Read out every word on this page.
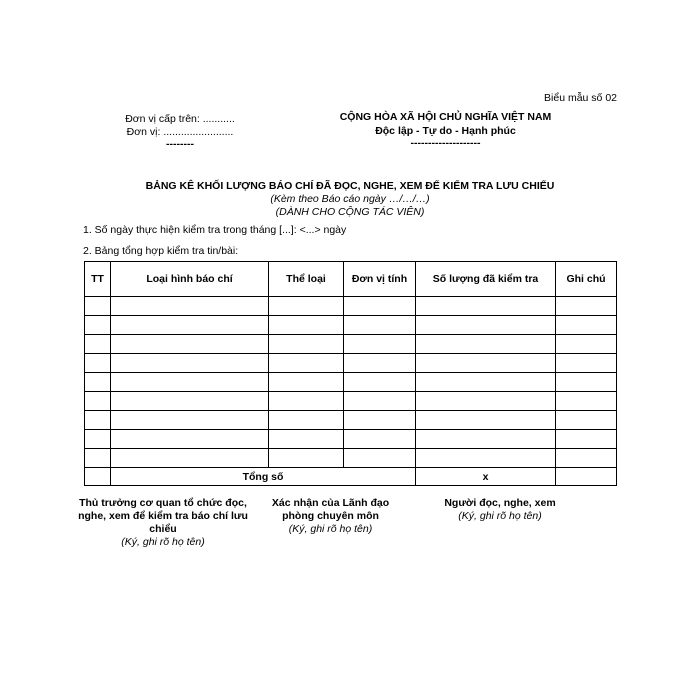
Biểu mẫu số 02
Đơn vị cấp trên: ...........
Đơn vị: ........................
--------
CỘNG HÒA XÃ HỘI CHỦ NGHĨA VIỆT NAM
Độc lập - Tự do - Hạnh phúc
--------------------
BẢNG KÊ KHỐI LƯỢNG BÁO CHÍ ĐÃ ĐỌC, NGHE, XEM ĐỂ KIỂM TRA LƯU CHIỂU
(Kèm theo Báo cáo ngày …/…/…)
(DÀNH CHO CỘNG TÁC VIÊN)
1. Số ngày thực hiện kiểm tra trong tháng [...]: <...> ngày
2. Bảng tổng hợp kiểm tra tin/bài:
TT	Loại hình báo chí	Thể loại	Đơn vị tính	Số lượng đã kiểm tra	Ghi chú

	Tổng số			x	
Thủ trưởng cơ quan tổ chức đọc, nghe, xem để kiểm tra báo chí lưu chiểu
(Ký, ghi rõ họ tên)
Xác nhận của Lãnh đạo phòng chuyên môn
(Ký, ghi rõ họ tên)
Người đọc, nghe, xem
(Ký, ghi rõ họ tên)
